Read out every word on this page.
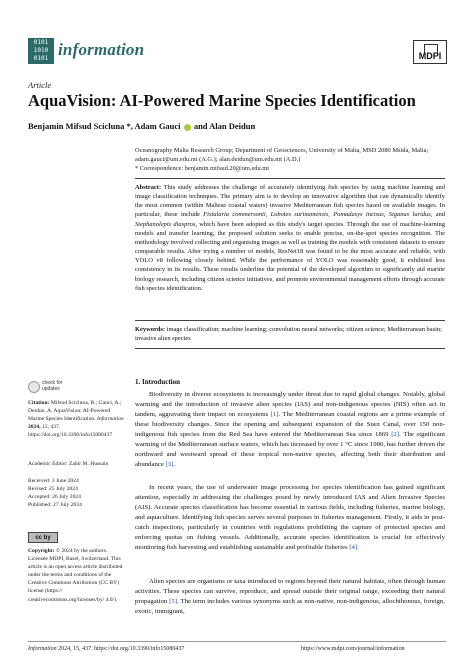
0101
1010
0101 information	MDPI
Article
AquaVision: AI-Powered Marine Species Identification
Benjamin Mifsud Scicluna *, Adam Gauci  and Alan Deidun
Oceanography Malta Research Group; Department of Geosciences, University of Malta, MSD 2080 Msida, Malta;
adam.gauci@um.edu.mt (A.G.); alan.deidun@um.edu.mt (A.D.)
* Correspondence: benjamin.mifsud.20@um.edu.mt
Abstract: This study addresses the challenge of accurately identifying fish species by using machine learning and image classification techniques. The primary aim is to develop an innovative algorithm that can dynamically identify the most common (within Maltese coastal waters) invasive Mediterranean fish species based on available images. In particular, these include Fistularia commersonii, Lobotes surinamensis, Pomadasys incisus, Siganus luridus, and Stephanolepis diaspros, which have been adopted as this study's target species. Through the use of machine-learning models and transfer learning, the proposed solution seeks to enable precise, on-the-spot species recognition. The methodology involved collecting and organising images as well as training the models with consistent datasets to ensure comparable results. After trying a number of models, ResNet18 was found to be the most accurate and reliable, with YOLO v8 following closely behind. While the performance of YOLO was reasonably good, it exhibited less consistency in its results. These results underline the potential of the developed algorithm to significantly aid marine biology research, including citizen science initiatives, and promote environmental management efforts through accurate fish species identification.
Keywords: image classification; machine learning; convolution neural networks; citizen science; Mediterranean basin; invasive alien species
check for
updates
Citation: Mifsud Scicluna, B.; Gauci, A.; Deidun, A. AquaVision: AI-Powered Marine Species Identification. Information 2024, 15, 437. https://doi.org/10.3390/info15080437
Academic Editor: Zahir M. Hussain
Received: 3 June 2024
Revised: 25 July 2024
Accepted: 26 July 2024
Published: 27 July 2024
cc by
Copyright: © 2024 by the authors. Licensee MDPI, Basel, Switzerland. This article is an open access article distributed under the terms and conditions of the Creative Commons Attribution (CC BY) license (https:// creativecommons.org/licenses/by/ 4.0/).
1. Introduction
Biodiversity in diverse ecosystems is increasingly under threat due to rapid global changes. Notably, global warming and the introduction of invasive alien species (IAS) and non-indigenous species (NIS) often act in tandem, aggravating their impact on ecosystems [1]. The Mediterranean coastal regions are a prime example of these biodiversity changes. Since the opening and subsequent expansion of the Suez Canal, over 150 non-indigenous fish species from the Red Sea have entered the Mediterranean Sea since 1869 [2]. The significant warming of the Mediterranean surface waters, which has increased by over 1 °C since 1980, has further driven the northward and westward spread of these tropical non-native species, affecting both their distribution and abundance [3].
In recent years, the use of underwater image processing for species identification has gained significant attention, especially in addressing the challenges posed by newly introduced IAS and Alien Invasive Species (AIS). Accurate species classification has become essential in various fields, including fisheries, marine biology, and aquaculture. Identifying fish species serves several purposes in fisheries management. Firstly, it aids in post-catch inspections, particularly in countries with regulations prohibiting the capture of protected species and enforcing quotas on fishing vessels. Additionally, accurate species identification is crucial for effectively monitoring fish harvesting and establishing sustainable and profitable fisheries [4].
Alien species are organisms or taxa introduced to regions beyond their natural habitats, often through human activities. These species can survive, reproduce, and spread outside their original range, exceeding their natural propagation [5]. The term includes various synonyms such as non-native, non-indigenous, allochthonous, foreign, exotic, immigrant,
Information 2024, 15, 437. https://doi.org/10.3390/info15080437	https://www.mdpi.com/journal/information
